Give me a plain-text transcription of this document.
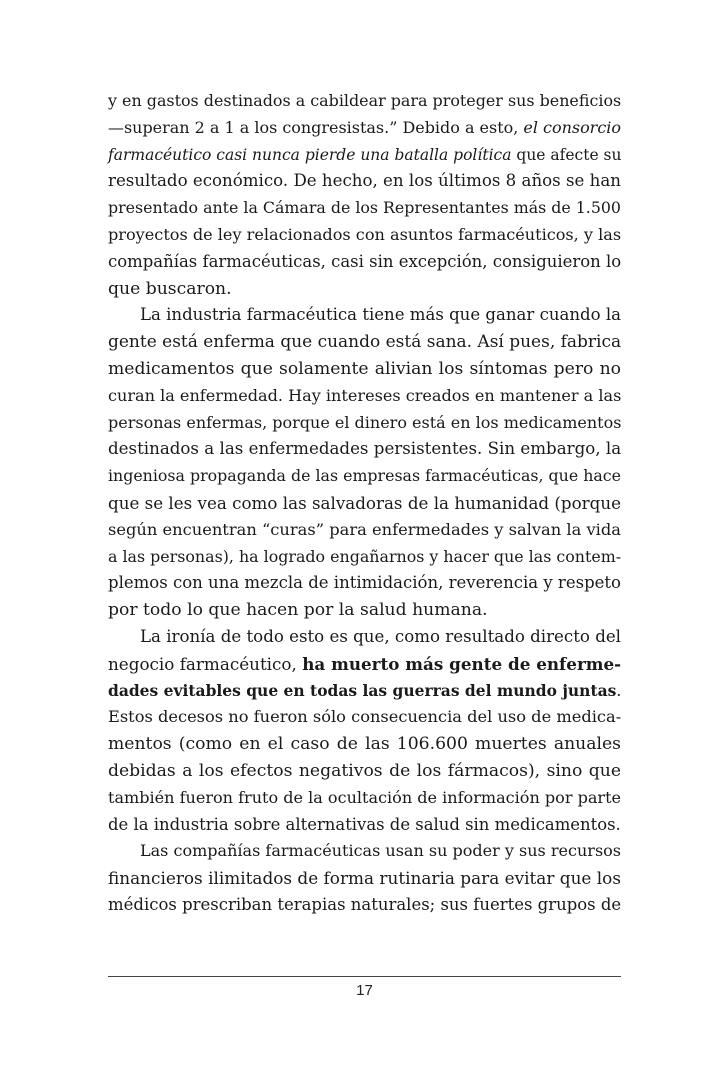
y en gastos destinados a cabildear para proteger sus beneficios
—superan 2 a 1 a los congresistas.” Debido a esto, el consorcio
farmacéutico casi nunca pierde una batalla política que afecte su
resultado económico. De hecho, en los últimos 8 años se han
presentado ante la Cámara de los Representantes más de 1.500
proyectos de ley relacionados con asuntos farmacéuticos, y las
compañías farmacéuticas, casi sin excepción, consiguieron lo
que buscaron.
La industria farmacéutica tiene más que ganar cuando la
gente está enferma que cuando está sana. Así pues, fabrica
medicamentos que solamente alivian los síntomas pero no
curan la enfermedad. Hay intereses creados en mantener a las
personas enfermas, porque el dinero está en los medicamentos
destinados a las enfermedades persistentes. Sin embargo, la
ingeniosa propaganda de las empresas farmacéuticas, que hace
que se les vea como las salvadoras de la humanidad (porque
según encuentran “curas” para enfermedades y salvan la vida
a las personas), ha logrado engañarnos y hacer que las contem-
plemos con una mezcla de intimidación, reverencia y respeto
por todo lo que hacen por la salud humana.
La ironía de todo esto es que, como resultado directo del
negocio farmacéutico, ha muerto más gente de enferme-
dades evitables que en todas las guerras del mundo juntas.
Estos decesos no fueron sólo consecuencia del uso de medica-
mentos (como en el caso de las 106.600 muertes anuales
debidas a los efectos negativos de los fármacos), sino que
también fueron fruto de la ocultación de información por parte
de la industria sobre alternativas de salud sin medicamentos.
Las compañías farmacéuticas usan su poder y sus recursos
financieros ilimitados de forma rutinaria para evitar que los
médicos prescriban terapias naturales; sus fuertes grupos de
17
